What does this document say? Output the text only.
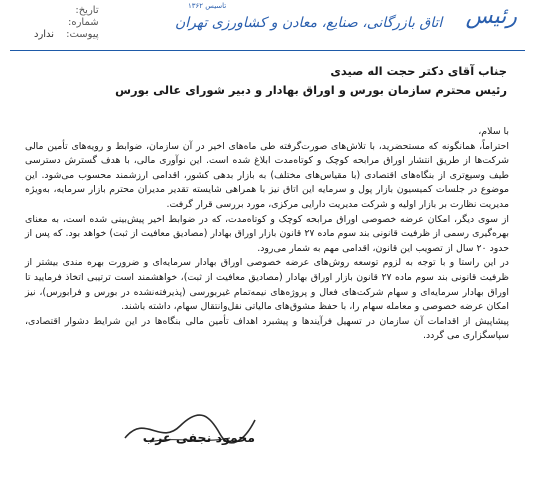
رئیس
تاسیس ۱۳۶۲
اتاق بازرگانی، صنایع، معادن و کشاورزی تهران
تاریخ:
شماره:
پیوست:
ندارد
جناب آقای دکتر حجت اله صیدی
رئیس محترم سازمان بورس و اوراق بهادار و دبیر شورای عالی بورس

با سلام،

احتراماً، همانگونه که مستحضرید، با تلاش‌های صورت‌گرفته طی ماه‌های اخیر در آن سازمان، ضوابط و رویه‌های تأمین مالی شرکت‌ها از طریق انتشار اوراق مرابحه کوچک و کوتاه‌مدت ابلاغ شده است. این نوآوری مالی، با هدف گسترش دسترسی طیف وسیع‌تری از بنگاه‌های اقتصادی (با مقیاس‌های مختلف) به بازار بدهی کشور، اقدامی ارزشمند محسوب می‌شود. این موضوع در جلسات کمیسیون بازار پول و سرمایه این اتاق نیز با همراهی شایسته تقدیر مدیران محترم بازار سرمایه، به‌ویژه مدیریت نظارت بر بازار اولیه و شرکت مدیریت دارایی مرکزی، مورد بررسی قرار گرفت.

از سوی دیگر، امکان عرضه خصوصی اوراق مرابحه کوچک و کوتاه‌مدت، که در ضوابط اخیر پیش‌بینی شده است، به معنای بهره‌گیری رسمی از ظرفیت قانونی بند سوم ماده ۲۷ قانون بازار اوراق بهادار (مصادیق معافیت از ثبت) خواهد بود. که پس از حدود ۲۰ سال از تصویب این قانون، اقدامی مهم به شمار می‌رود.

در این راستا و با توجه به لزوم توسعه روش‌های عرضه خصوصی اوراق بهادار سرمایه‌ای و ضرورت بهره مندی بیشتر از ظرفیت قانونی بند سوم ماده ۲۷ قانون بازار اوراق بهادار (مصادیق معافیت از ثبت)، خواهشمند است ترتیبی اتخاذ فرمایید تا اوراق بهادار سرمایه‌ای و سهام شرکت‌های فعال و پروژه‌های نیمه‌تمام غیربورسی (پذیرفته‌نشده در بورس و فرابورس)، نیز امکان عرضه خصوصی و معامله سهام را، با حفظ مشوق‌های مالیاتی نقل‌وانتقال سهام، داشته باشند.

پیشاپیش از اقدامات آن سازمان در تسهیل فرآیندها و پیشبرد اهداف تأمین مالی بنگاه‌ها در این شرایط دشوار اقتصادی، سپاسگزاری می گردد.

محمود نجفی عرب
